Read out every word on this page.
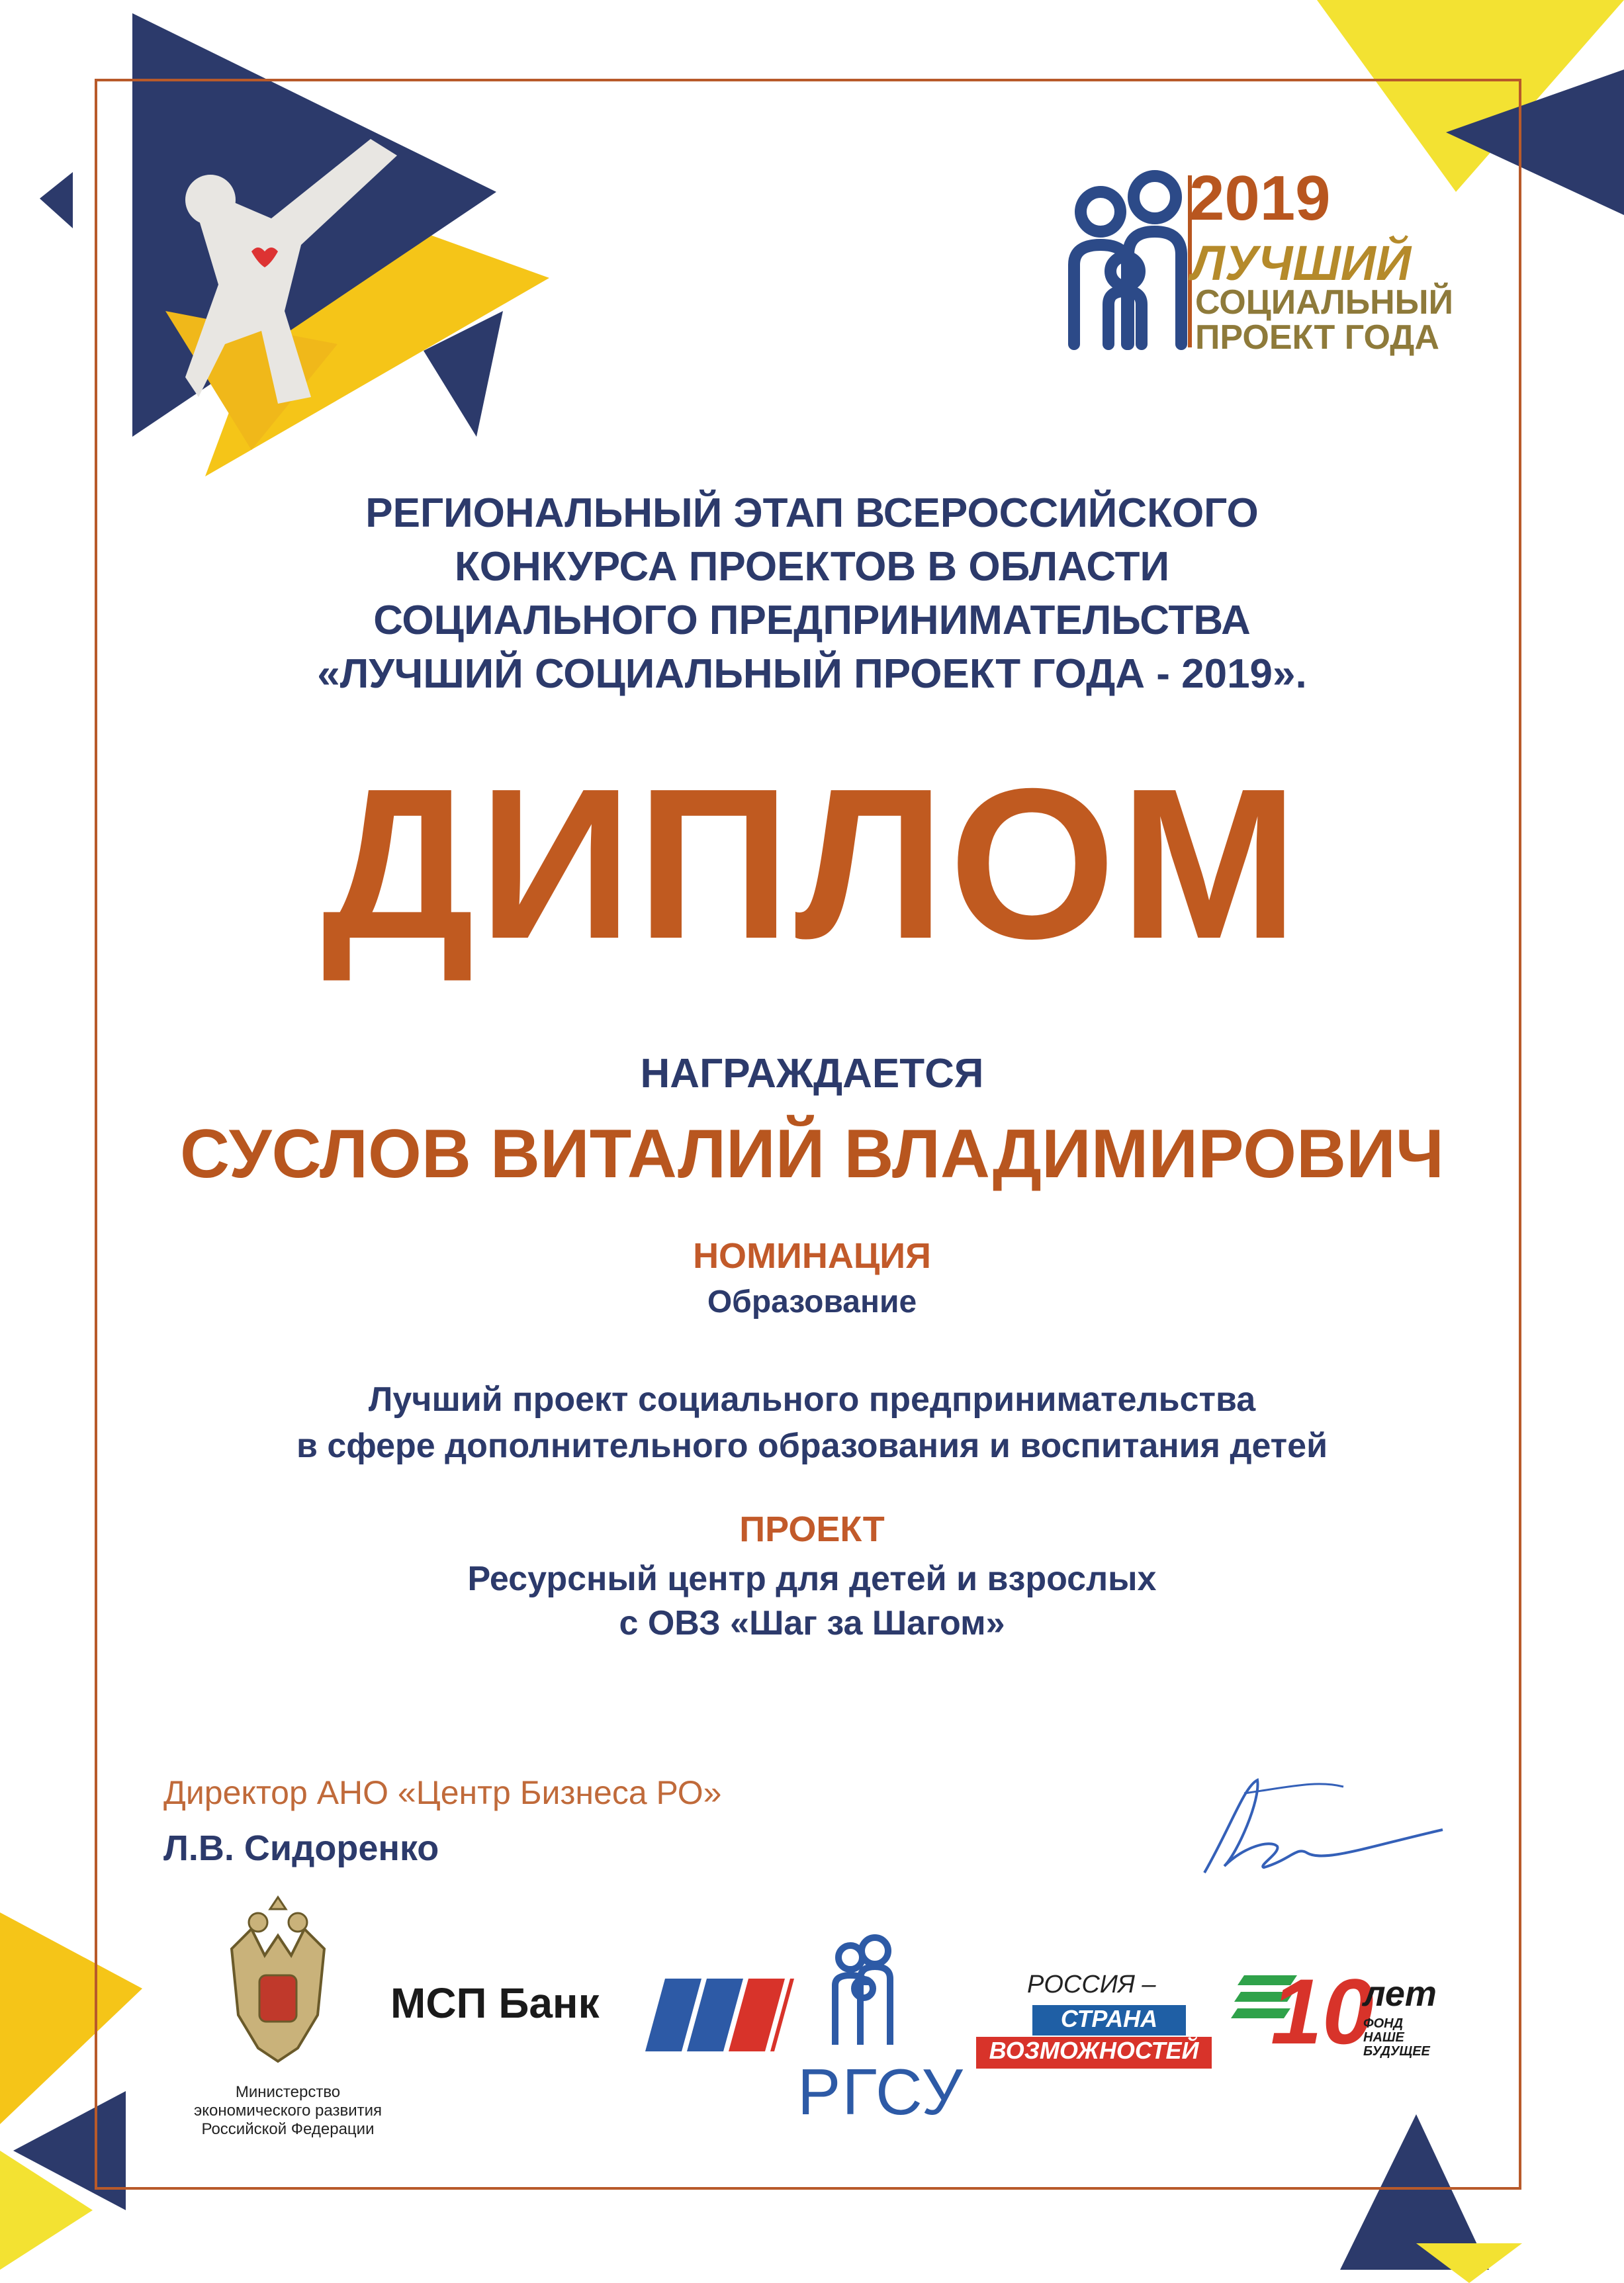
2019
ЛУЧШИЙ
СОЦИАЛЬНЫЙ
ПРОЕКТ ГОДА
РЕГИОНАЛЬНЫЙ ЭТАП ВСЕРОССИЙСКОГО
КОНКУРСА ПРОЕКТОВ В ОБЛАСТИ
СОЦИАЛЬНОГО ПРЕДПРИНИМАТЕЛЬСТВА
«ЛУЧШИЙ СОЦИАЛЬНЫЙ ПРОЕКТ ГОДА - 2019».
ДИПЛОМ
НАГРАЖДАЕТСЯ
СУСЛОВ ВИТАЛИЙ ВЛАДИМИРОВИЧ
НОМИНАЦИЯ
Образование
Лучший проект социального предпринимательства
в сфере дополнительного образования и воспитания детей
ПРОЕКТ
Ресурсный центр для детей и взрослых
с ОВЗ «Шаг за Шагом»
Директор АНО «Центр Бизнеса РО»
Л.В. Сидоренко
Министерство
экономического развития
Российской Федерации
МСП Банк
РГСУ
РОССИЯ –
СТРАНА
ВОЗМОЖНОСТЕЙ 10
лет
ФОНД
НАШЕ
БУДУЩЕЕ
